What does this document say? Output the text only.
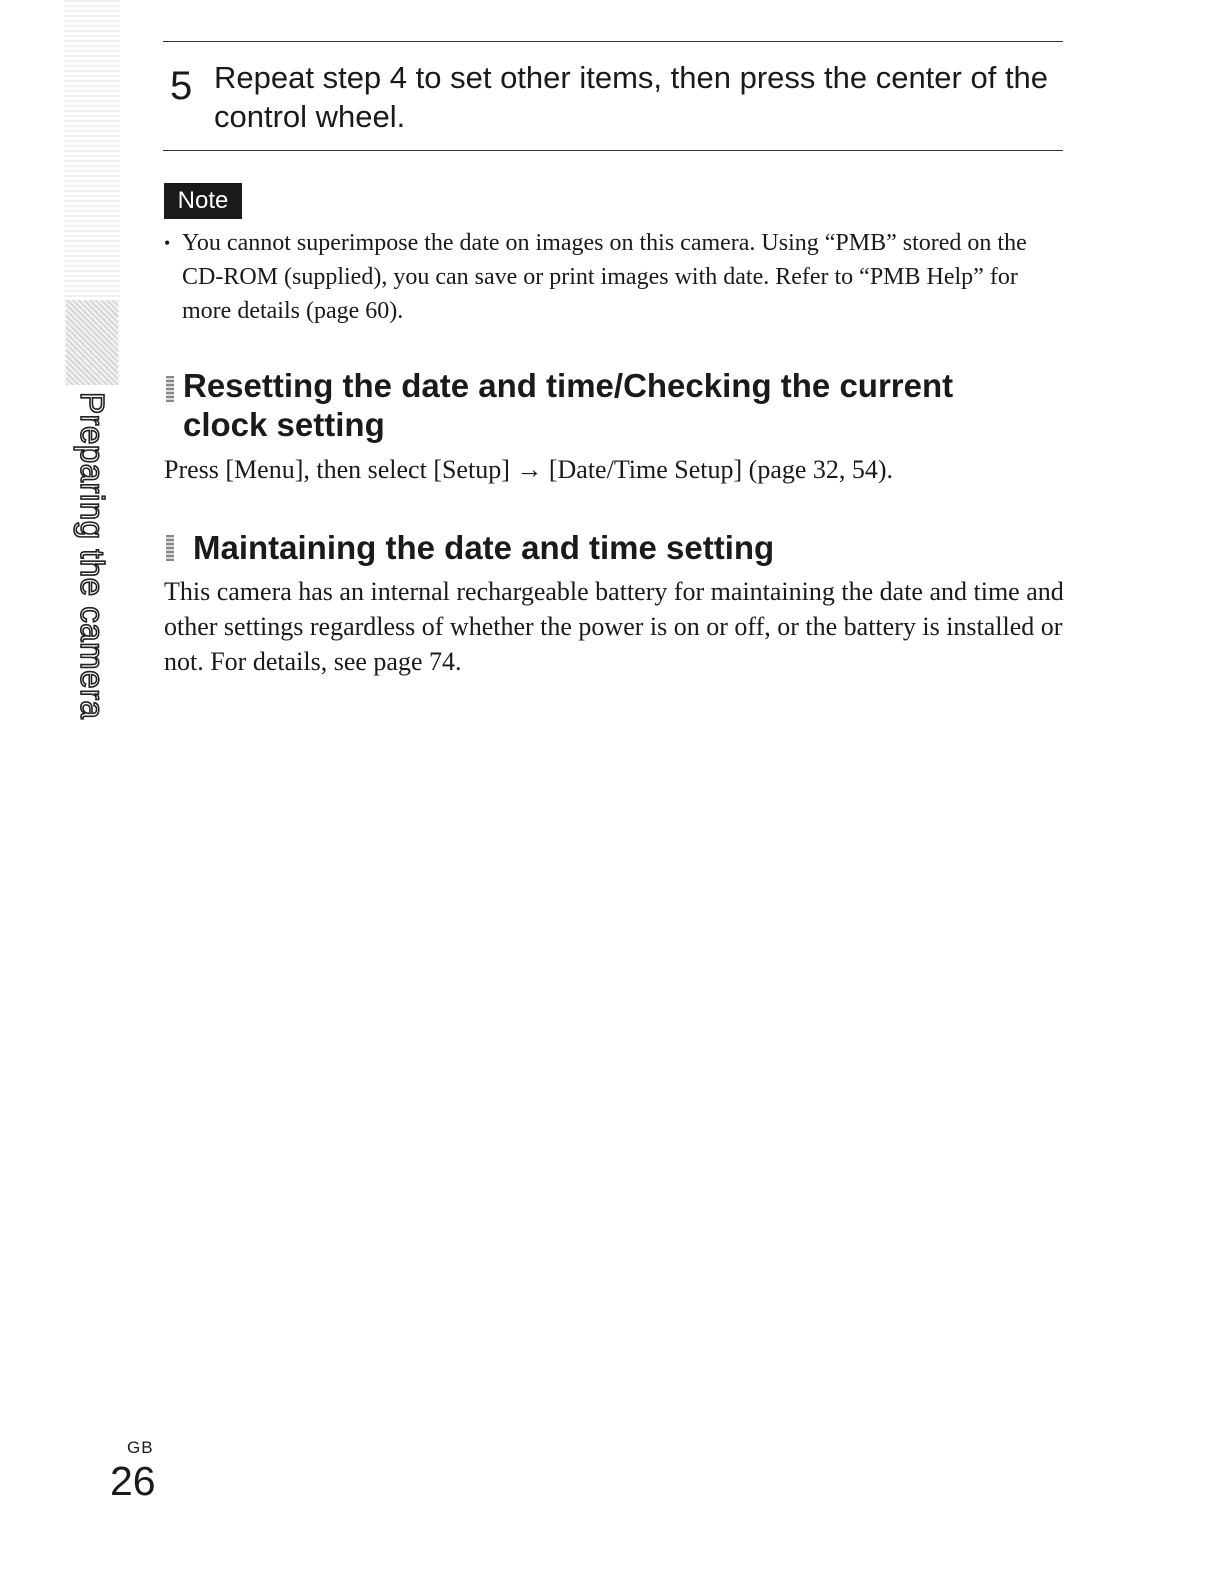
Preparing the camera
5 Repeat step 4 to set other items, then press the center of the control wheel.
Note
• You cannot superimpose the date on images on this camera. Using “PMB” stored on the CD-ROM (supplied), you can save or print images with date. Refer to “PMB Help” for more details (page 60).
Resetting the date and time/Checking the current clock setting
Press [Menu], then select [Setup] → [Date/Time Setup] (page 32, 54).
Maintaining the date and time setting
This camera has an internal rechargeable battery for maintaining the date and time and other settings regardless of whether the power is on or off, or the battery is installed or not. For details, see page 74.
GB
26
